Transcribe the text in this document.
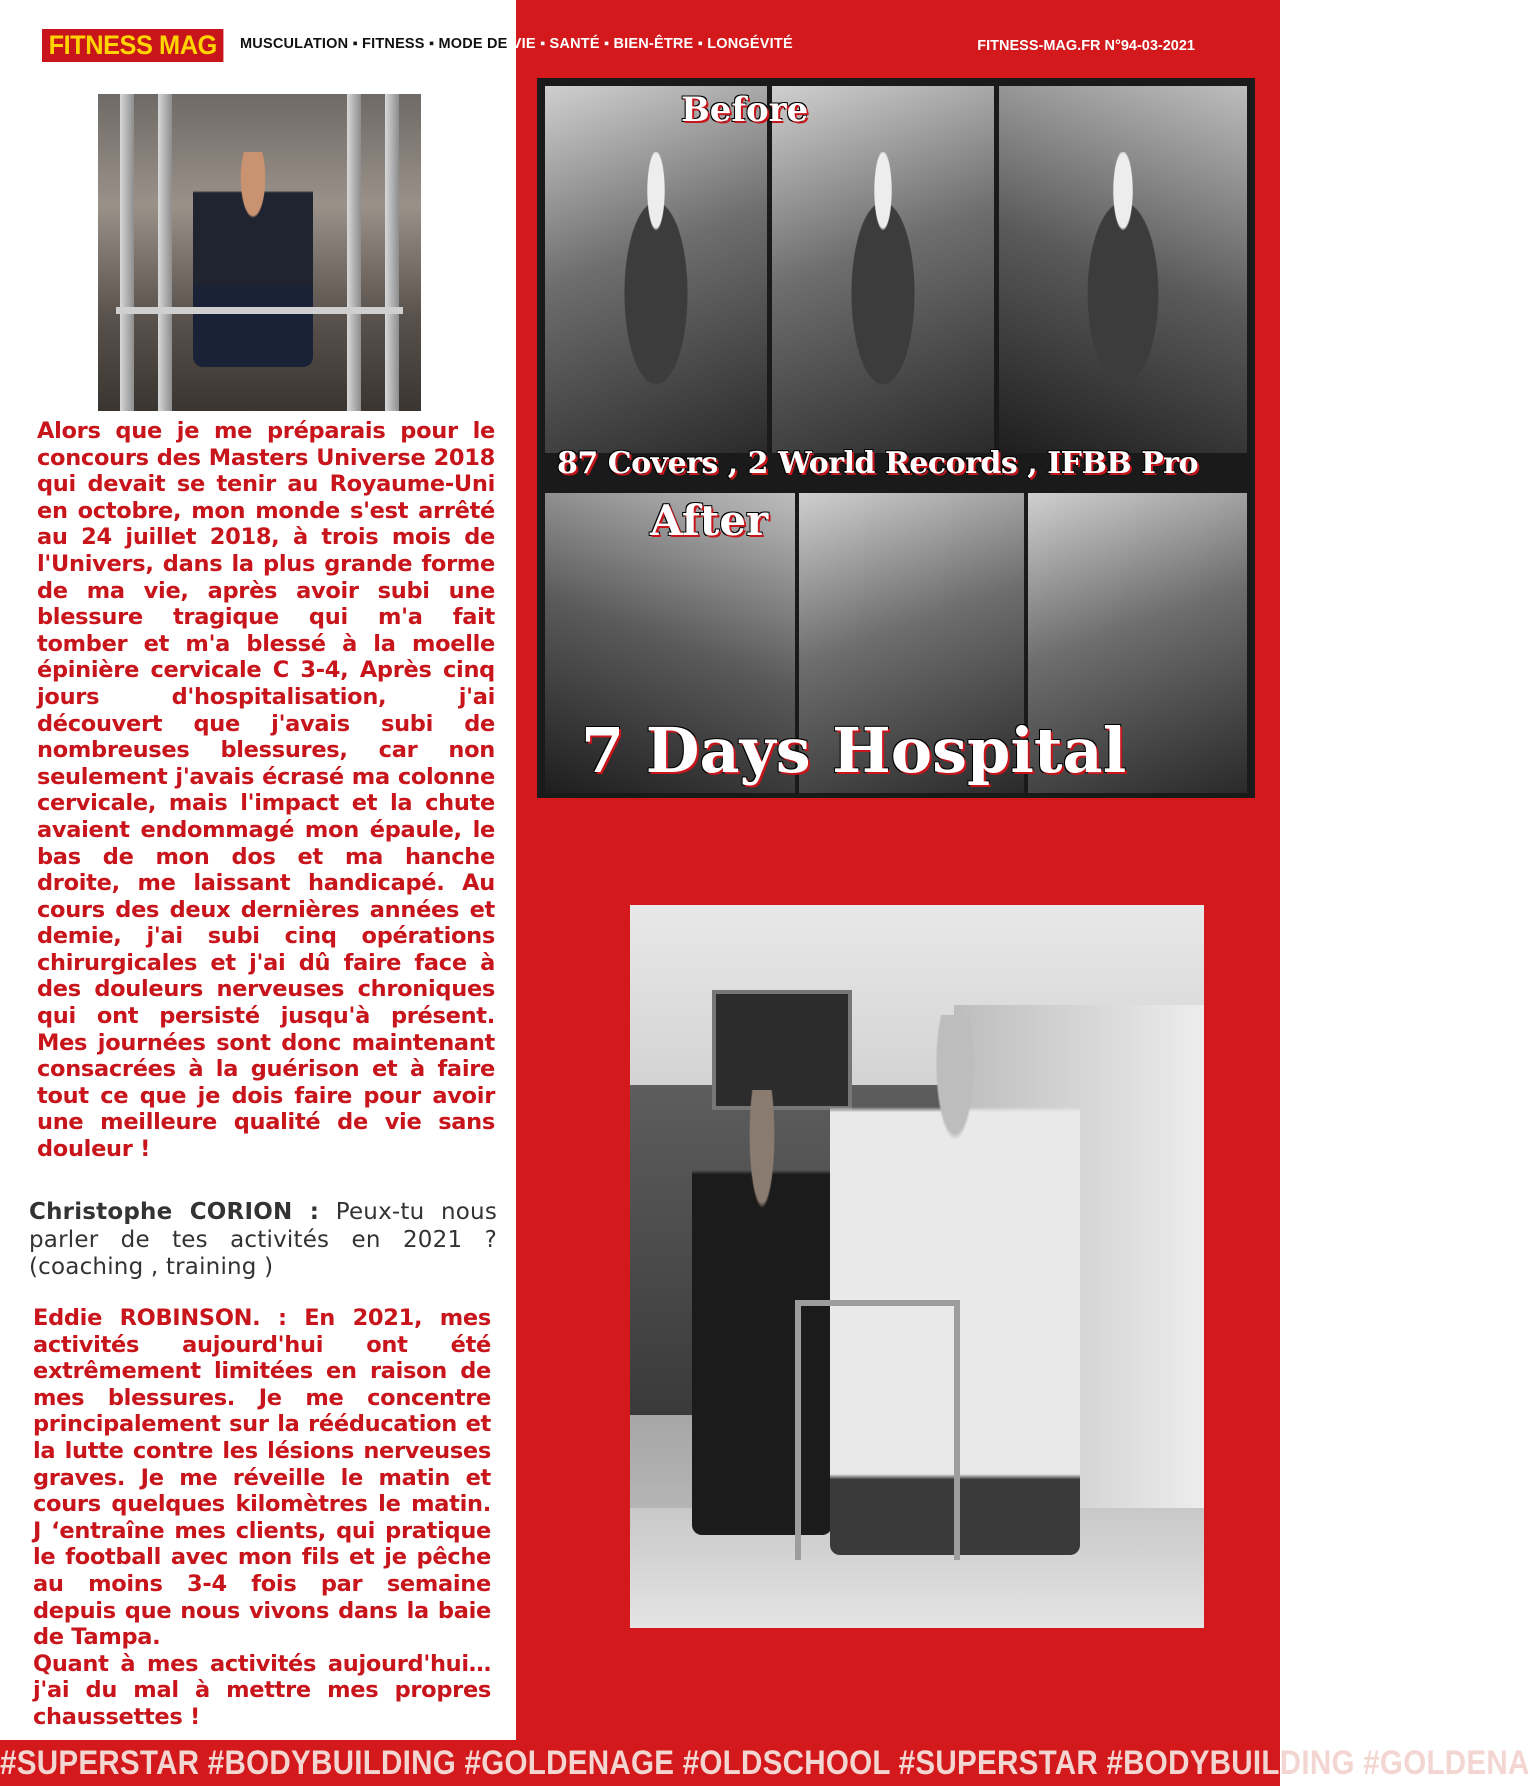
FITNESS MAG	MUSCULATION ▪ FITNESS ▪ MODE DE VIE ▪ SANTÉ ▪ BIEN-ÊTRE ▪ LONGÉVITÉ	FITNESS-MAG.FR N°94-03-2021
Before
87 Covers , 2 World Records , IFBB Pro
After
7 Days Hospital
Alors que je me préparais pour le concours des Masters Universe 2018 qui devait se tenir au Royaume-Uni en octobre, mon monde s'est arrêté au 24 juillet 2018, à trois mois de l'Univers, dans la plus grande forme de ma vie, après avoir subi une blessure tragique qui m'a fait tomber et m'a blessé à la moelle épinière cervicale C 3-4, Après cinq jours d'hospitalisation, j'ai découvert que j'avais subi de nombreuses blessures, car non seulement j'avais écrasé ma colonne cervicale, mais l'impact et la chute avaient endommagé mon épaule, le bas de mon dos et ma hanche droite, me laissant handicapé. Au cours des deux dernières années et demie, j'ai subi cinq opérations chirurgicales et j'ai dû faire face à des douleurs nerveuses chroniques qui ont persisté jusqu'à présent. Mes journées sont donc maintenant consacrées à la guérison et à faire tout ce que je dois faire pour avoir une meilleure qualité de vie sans douleur !
Christophe CORION : Peux-tu nous parler de tes activités en 2021 ? (coaching , training )

Eddie ROBINSON. : En 2021, mes activités aujourd'hui ont été extrêmement limitées en raison de mes blessures. Je me concentre principalement sur la rééducation et la lutte contre les lésions nerveuses graves. Je me réveille le matin et cours quelques kilomètres le matin. J ‘entraîne mes clients, qui pratique le football avec mon fils et je pêche au moins 3-4 fois par semaine depuis que nous vivons dans la baie de Tampa.

Quant à mes activités aujourd'hui… j'ai du mal à mettre mes propres chaussettes !

#SUPERSTAR #BODYBUILDING #GOLDENAGE #OLDSCHOOL #SUPERSTAR #BODYBUILDING #GOLDENA
